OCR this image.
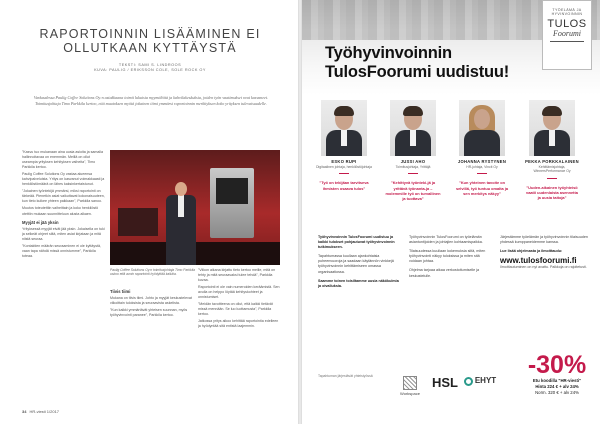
RAPORTOINNIN LISÄÄMINEN EI OLLUTKAAN KYTTÄYSTÄ
TEKSTI: SAMI S. LINDROOS
KUVA: PAULIG / ERIKSSON COLE, SOLE ROCK OY
Varkaudessa Paulig Coffee Solutions Oy:n asiakkaana toimii lukuisia myymälöitä ja kahvilakeskuksia, joiden työn vaatimukset ovat kasvaneet. Toimitusjohtaja Timo Parkkila kertoo, että muutoksen myötä jokainen tiimi ymmärsi raportoinnin merkityksen koko yrityksen tulevaisuudelle.

"Kasvu tuo mukanaan aina uusia asioita ja samalla hallinnoitavaa on enemmän. Meillä on ollut useampia yrityksen kehityksen vaiheita", Timo Parkkila kertoo.

Paulig Coffee Solutions Oy vastaa alueensa kahvipalveluista. Yritys on kasvanut voimakkaasti ja henkilöstömäärä on lähes kaksinkertaistunut.

"Jokainen työntekijä ymmärsi, miksi raportointi on tärkeää. Pienetkin asiat vaikuttavat kokonaisuuteen, kun tieto kulkee yhteen paikkaan", Parkkila sanoo.

Muutos toteutettiin vaiheittain ja koko henkilöstö otettiin mukaan suunnitteluun alusta alkaen.

Myyjät ei jää yksin

Yrityksessä myyjät eivät jää yksin. Jokaisella on tuki ja selkeät ohjeet siitä, miten asiat kirjataan ja mitä niistä seuraa.

"Kontaktien määrän seuraaminen ei ole kyttäystä, vaan tapa nähdä missä onnistumme", Parkkila toteaa.

Paulig Coffee Solutions Oy:n toimitusjohtaja Timo Parkkila uskoo että avoin raportointi hyödyttää kaikkia.
Tiivis tiimi

Mukana on tiivis tiimi. Johto ja myyjät keskustelevat viikoittain tuloksista ja seuraavista askelista.

"Kun kaikki ymmärtävät yhteisen suunnan, myös työhyvinvointi paranee", Parkkila kertoo.

"Viikon aikana kirjattu tieto kertoo meille, mitä on tehty ja mitä seuraavaksi tulee tehdä", Parkkila kuvaa.

Raportointi ei ole vain numeroiden keräämistä. Sen avulla on helppo löytää kehityskohteet ja onnistumiset.

"Meidän tavoitteena on ollut, että kaikki tietävät missä mennään. Se luo luottamusta", Parkkila kertoo.

Jatkossa yritys aikoo kehittää raportointia edelleen ja hyödyntää sitä entistä laajemmin.

34 HR-viesti 1/2017
TYÖELÄMÄ JA HYVINVOINNIN
TULOS
Foorumi
Työhyvinvoinnin
TulosFoorumi uudistuu!
ESKO RUPI
Digitaalinen johtaja, henkilöstöjohtaja
"Työ on tekijäan tarvitseva ihmisten osaava tulos"
JUSSI AHO
Toimitusjohtaja, Yrittäjä
"Kehittyvä työnteki-jä ja yrittävä työnanta-ja – molemmille työ on turvallinen ja tuottava"
JOHANNA RYSTYNEN
HR-johtaja, Vincit Oy
"Kun yhteinen tavoite on selvillä, työ tuntuu omalta ja sen merkitys näkyy"
PEKKA PORKKALAINEN
Kehittämisjohtaja, WinnersPerformance Oy
"Uuden-aikainen työyhteisö vaatii uudenlaista asennetta ja uusia taitoja"

Työhyvinvoinnin TulosFoorumi uudistuu ja kaikki tulokset pohjautuvat työhyvinvoinnin tutkimukseen.

Tapahtumassa kuullaan ajankohtaisia puheenvuoroja ja saadaan käytännön vinkkejä työhyvinvoinnin kehittämiseen omassa organisaatiossa.

Saamme toinen toisiltamme uusia näkökulmia ja oivalluksia.

Työhyvinvoinnin TulosFoorumi on työelämän asiantuntijoiden ja johtajien kohtaamispaikka.

Tilaisuudessa kuullaan kokemuksia siitä, miten työhyvinvointi näkyy tuloksissa ja miten sitä voidaan johtaa.

Ohjelma tarjoaa aikaa verkostoitumiselle ja keskustelulle.

Järjestämme työelämän ja työhyvinvoinnin tilaisuuden yhdessä kumppaneidemme kanssa.

Lue lisää ohjelmasta ja ilmoittaudu:

www.tulosfoorumi.fi
Ilmoittautuminen on nyt avattu. Paikkoja on rajoitetusti.
Tapahtuman järjestävät yhteistyössä
Workspace
HSL	EHYT
-30%
Etu koodilla "HR-viesti"
Hinta 224 € + alv 24%
Norm. 320 € + alv 24%
